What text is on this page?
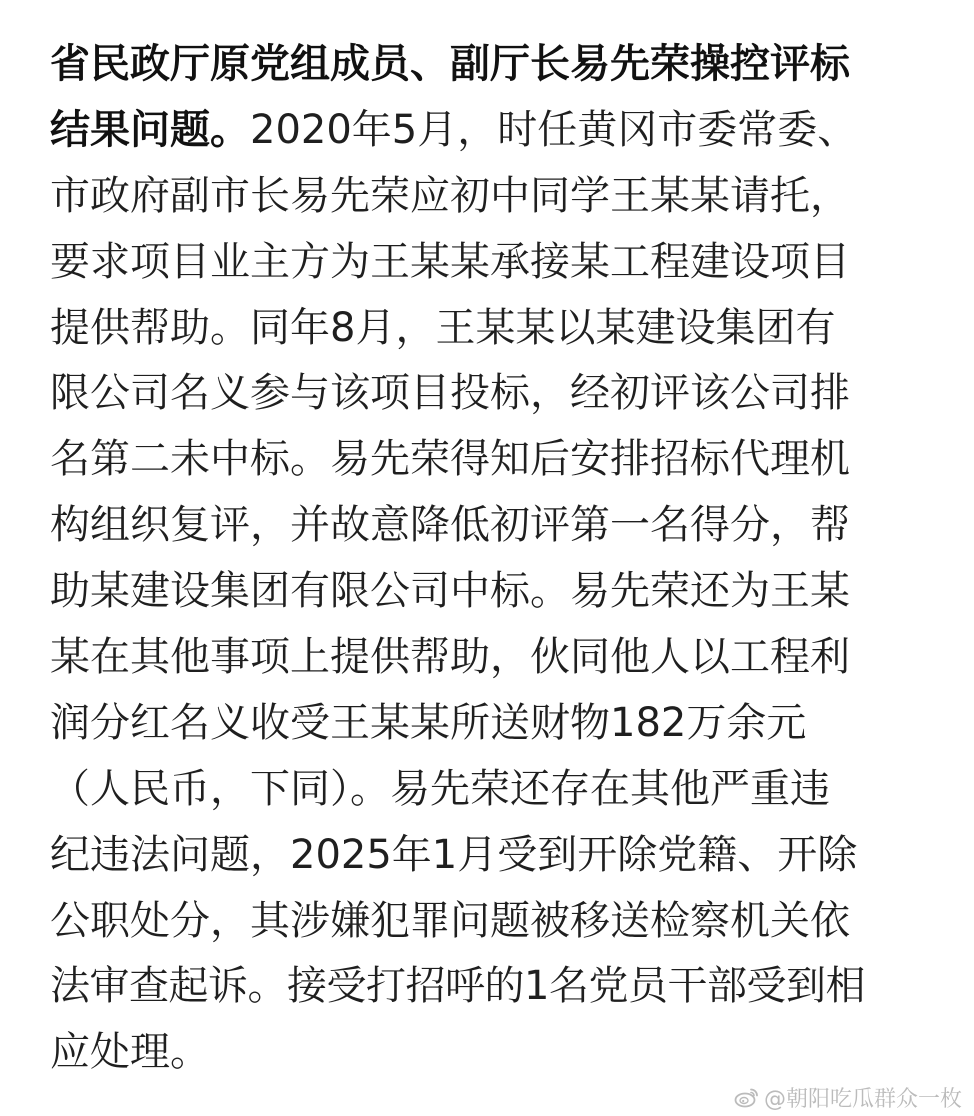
省民政厅原党组成员、副厅长易先荣操控评标
结果问题。2020年5月，时任黄冈市委常委、
市政府副市长易先荣应初中同学王某某请托，
要求项目业主方为王某某承接某工程建设项目
提供帮助。同年8月，王某某以某建设集团有
限公司名义参与该项目投标，经初评该公司排
名第二未中标。易先荣得知后安排招标代理机
构组织复评，并故意降低初评第一名得分，帮
助某建设集团有限公司中标。易先荣还为王某
某在其他事项上提供帮助，伙同他人以工程利
润分红名义收受王某某所送财物182万余元
（人民币，下同）。易先荣还存在其他严重违
纪违法问题，2025年1月受到开除党籍、开除
公职处分，其涉嫌犯罪问题被移送检察机关依
法审查起诉。接受打招呼的1名党员干部受到相
应处理。
@朝阳吃瓜群众一枚
